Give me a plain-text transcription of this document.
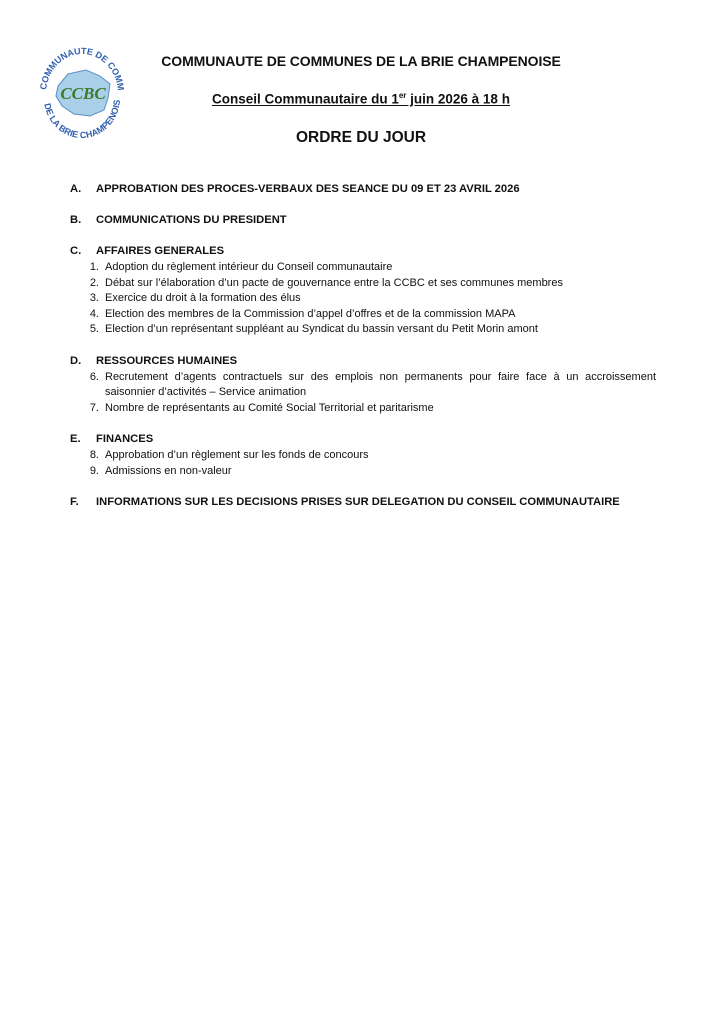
COMMUNAUTE DE COMM
DE LA BRIE CHAMPENOIS
CCBC
COMMUNAUTE DE COMMUNES DE LA BRIE CHAMPENOISE
Conseil Communautaire du 1er juin 2026 à 18 h
ORDRE DU JOUR
A.	APPROBATION DES PROCES-VERBAUX DES SEANCE DU 09 ET 23 AVRIL 2026
B.	COMMUNICATIONS DU PRESIDENT
C.	AFFAIRES GENERALES
1. Adoption du règlement intérieur du Conseil communautaire
2. Débat sur l’élaboration d’un pacte de gouvernance entre la CCBC et ses communes membres
3. Exercice du droit à la formation des élus
4. Election des membres de la Commission d’appel d’offres et de la commission MAPA
5. Election d’un représentant suppléant au Syndicat du bassin versant du Petit Morin amont
D.	RESSOURCES HUMAINES
6. Recrutement d’agents contractuels sur des emplois non permanents pour faire face à un accroissement saisonnier d’activités – Service animation
7. Nombre de représentants au Comité Social Territorial et paritarisme
E.	FINANCES
8. Approbation d’un règlement sur les fonds de concours
9. Admissions en non-valeur
F.	INFORMATIONS SUR LES DECISIONS PRISES SUR DELEGATION DU CONSEIL COMMUNAUTAIRE
